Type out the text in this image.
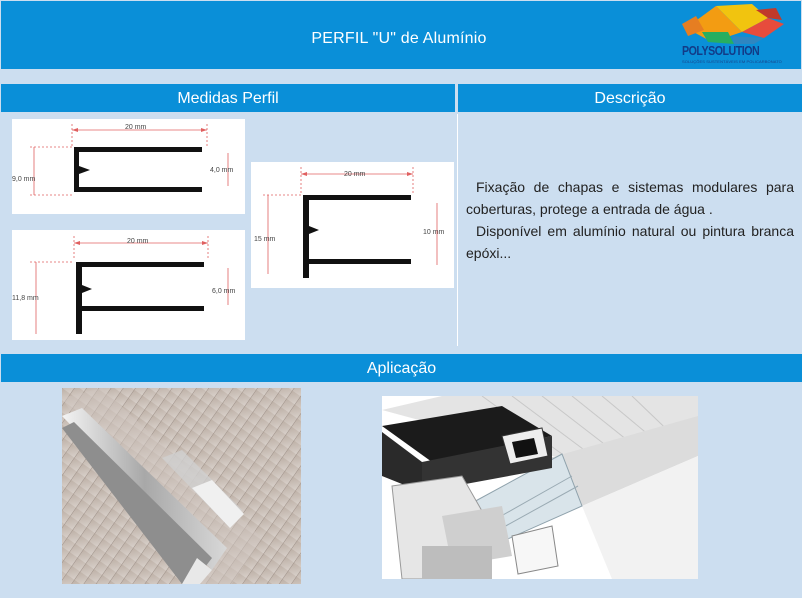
PERFIL "U" de Alumínio
POLYSOLUTION
SOLUÇÕES SUSTENTÁVEIS EM POLICARBONATO
Medidas Perfil	Descrição
20 mm
9,0 mm
4,0 mm
20 mm
15 mm
10 mm
20 mm
11,8 mm
6,0 mm

Fixação de chapas e sistemas modulares para coberturas, protege a entrada de água .

Disponível em alumínio natural ou pintura branca epóxi...

Aplicação
